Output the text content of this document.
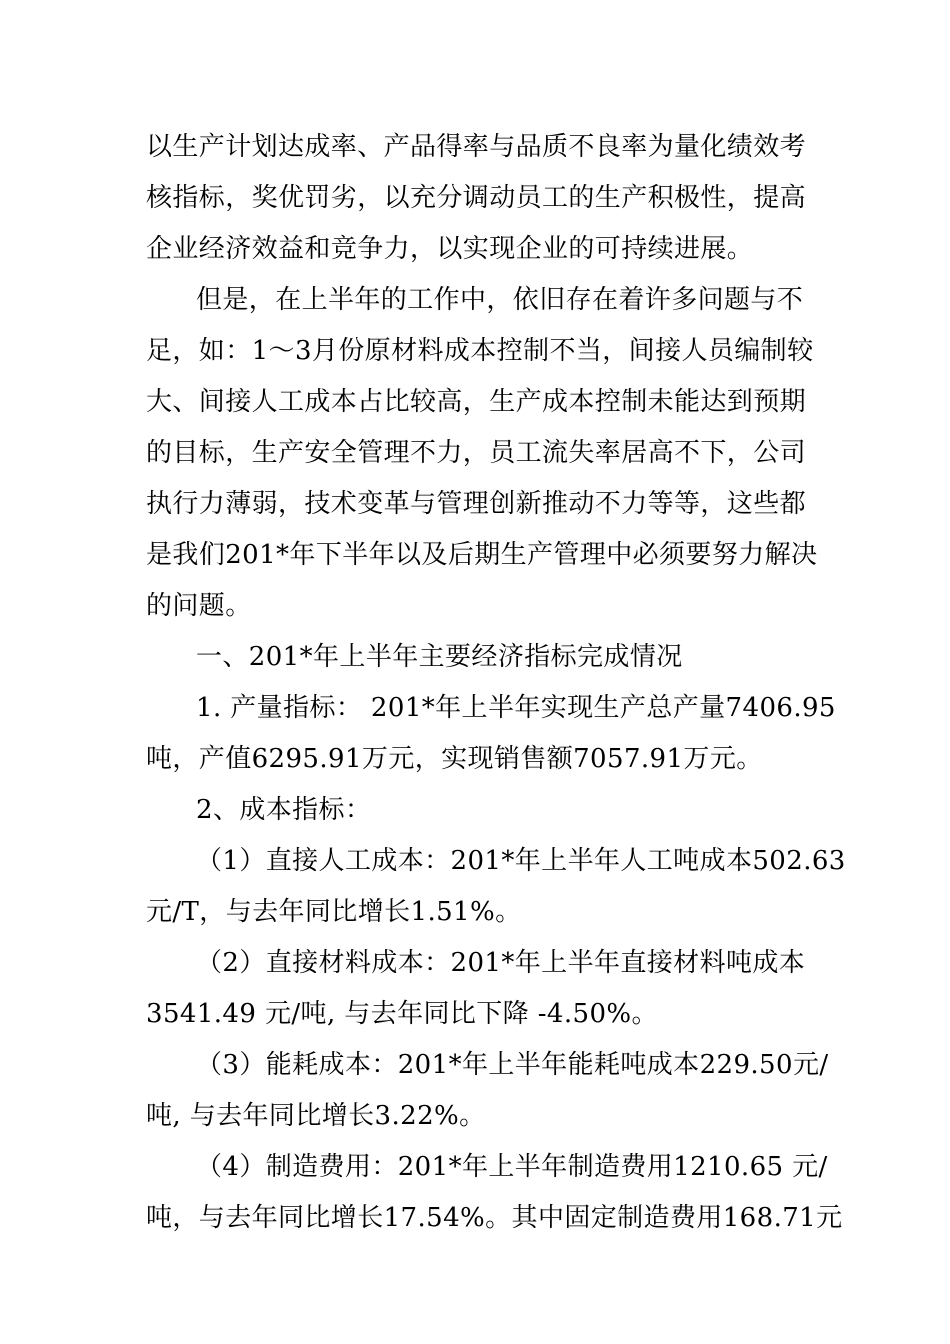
以生产计划达成率、产品得率与品质不良率为量化绩效考
核指标，奖优罚劣，以充分调动员工的生产积极性，提高
企业经济效益和竞争力，以实现企业的可持续进展。
但是，在上半年的工作中，依旧存在着许多问题与不
足，如：1～3月份原材料成本控制不当，间接人员编制较
大、间接人工成本占比较高，生产成本控制未能达到预期
的目标，生产安全管理不力，员工流失率居高不下，公司
执行力薄弱，技术变革与管理创新推动不力等等，这些都
是我们201*年下半年以及后期生产管理中必须要努力解决
的问题。
一、201*年上半年主要经济指标完成情况
1. 产量指标： 201*年上半年实现生产总产量7406.95
吨，产值6295.91万元，实现销售额7057.91万元。
2、成本指标：
（1）直接人工成本：201*年上半年人工吨成本502.63
元/T，与去年同比增长1.51%。
（2）直接材料成本：201*年上半年直接材料吨成本
3541.49 元/吨, 与去年同比下降 -4.50%。
（3）能耗成本：201*年上半年能耗吨成本229.50元/
吨, 与去年同比增长3.22%。
（4）制造费用：201*年上半年制造费用1210.65 元/
吨，与去年同比增长17.54%。其中固定制造费用168.71元
